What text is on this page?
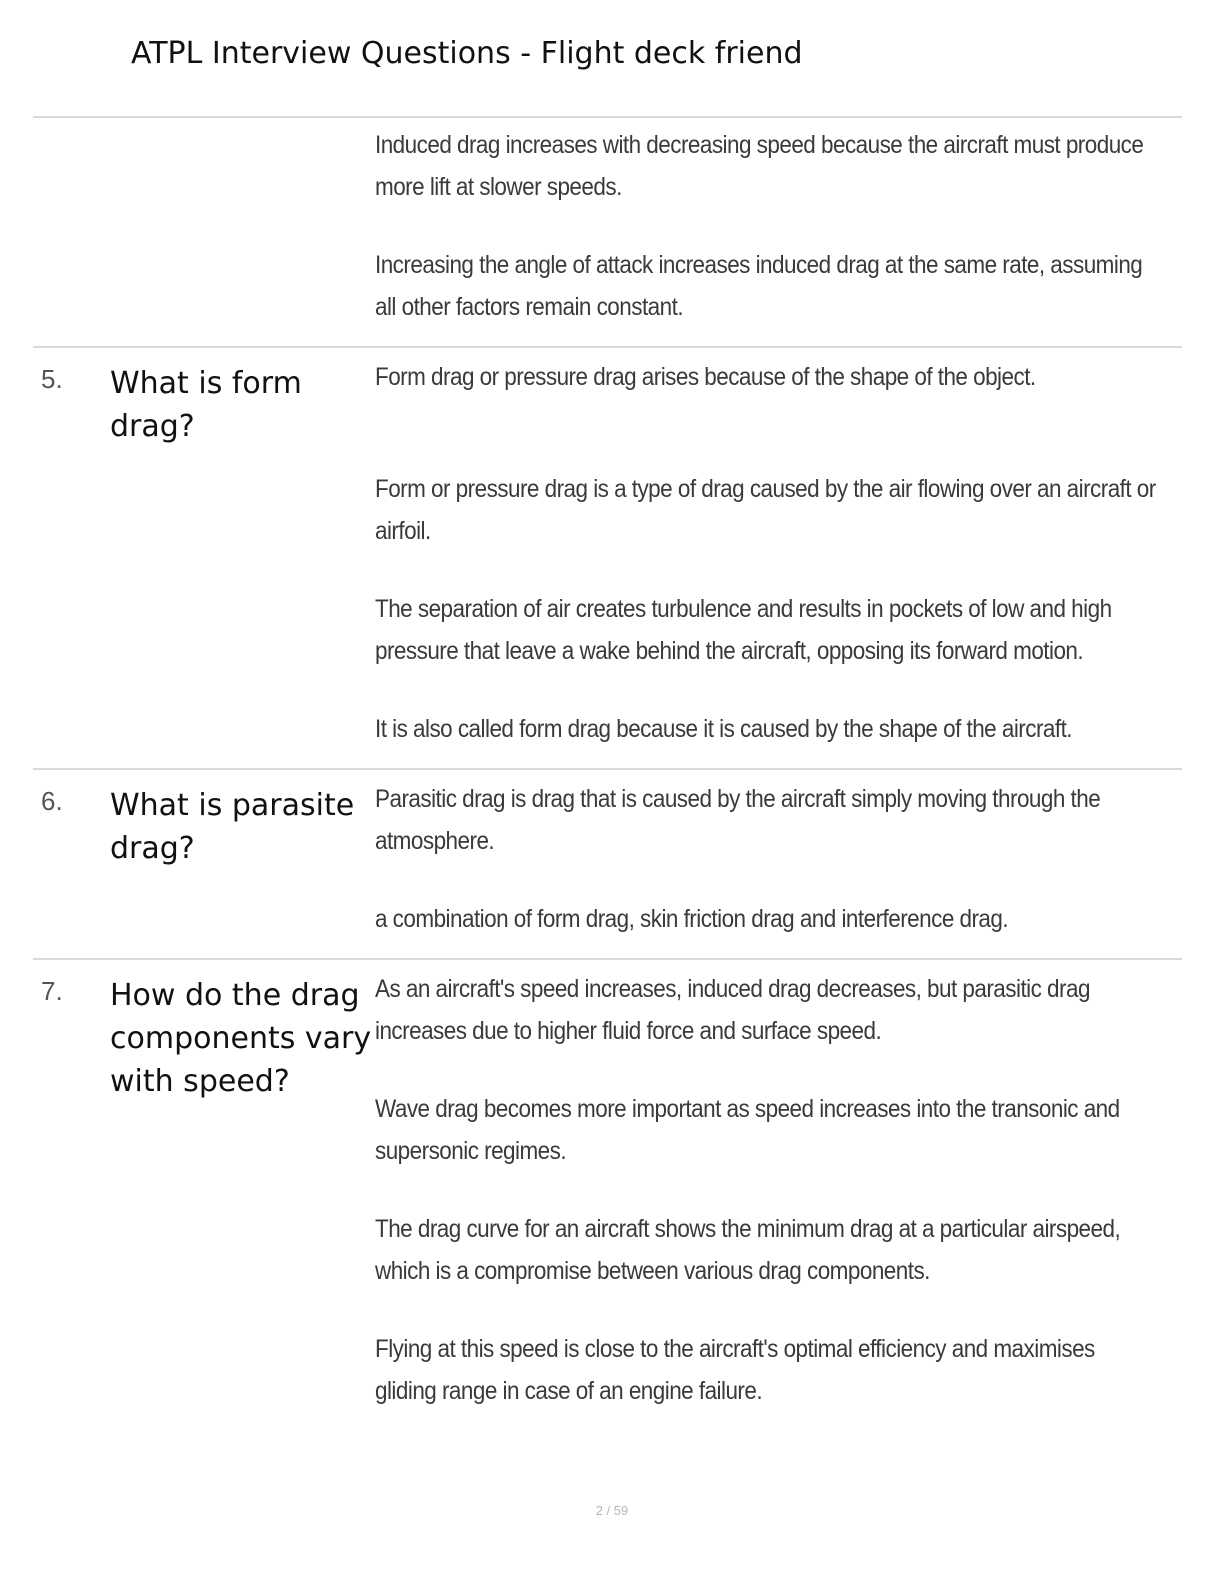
ATPL Interview Questions - Flight deck friend

Induced drag increases with decreasing speed because the aircraft must produce more lift at slower speeds.

Increasing the angle of attack increases induced drag at the same rate, assuming all other factors remain constant.

5.	What is form drag?

Form drag or pressure drag arises because of the shape of the object.

Form or pressure drag is a type of drag caused by the air flowing over an aircraft or airfoil.

The separation of air creates turbulence and results in pockets of low and high pressure that leave a wake behind the aircraft, opposing its forward motion.

It is also called form drag because it is caused by the shape of the aircraft.

6.	What is parasite drag?

Parasitic drag is drag that is caused by the aircraft simply moving through the atmosphere.

a combination of form drag, skin friction drag and interference drag.

7.	How do the drag components vary with speed?

As an aircraft's speed increases, induced drag decreases, but parasitic drag increases due to higher fluid force and surface speed.

Wave drag becomes more important as speed increases into the transonic and supersonic regimes.

The drag curve for an aircraft shows the minimum drag at a particular airspeed, which is a compromise between various drag components.

Flying at this speed is close to the aircraft's optimal efficiency and maximises gliding range in case of an engine failure.

2 / 59
